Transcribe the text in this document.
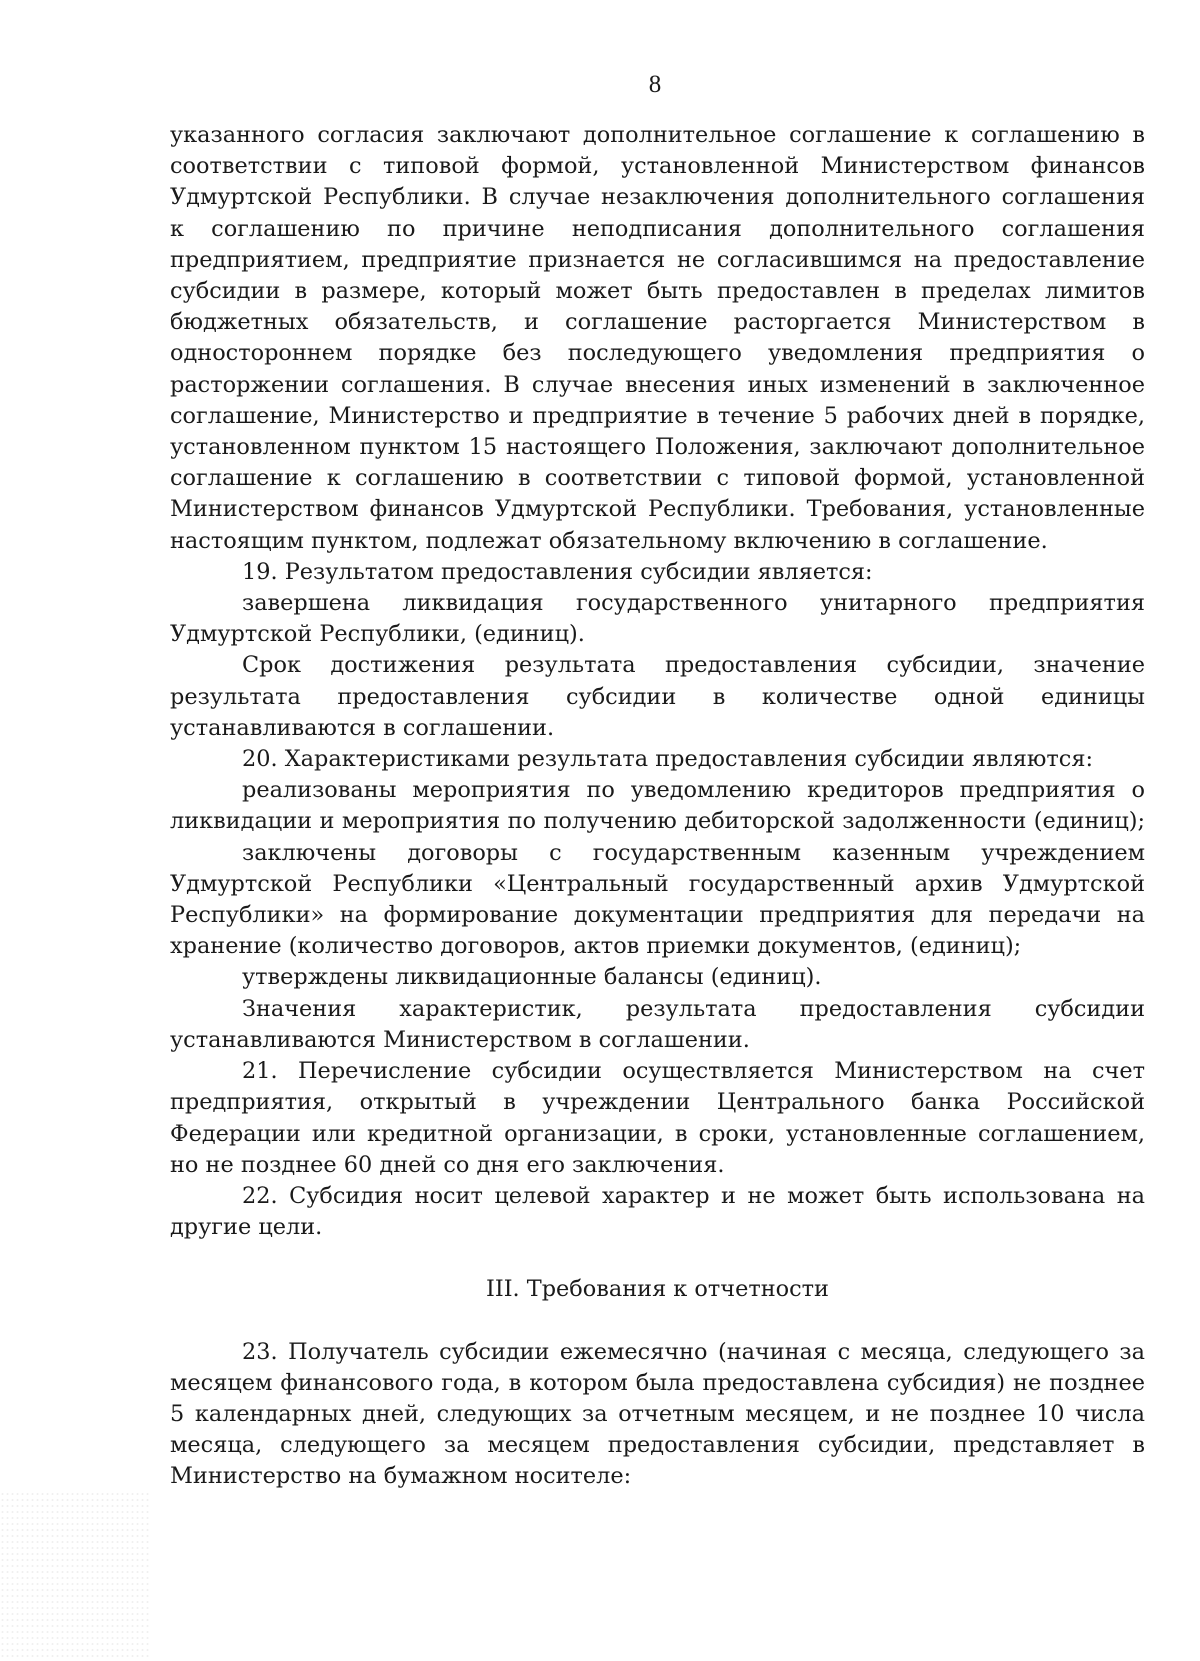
8
указанного согласия заключают дополнительное соглашение к соглашению в
соответствии с типовой формой, установленной Министерством финансов
Удмуртской Республики. В случае незаключения дополнительного соглашения
к соглашению по причине неподписания дополнительного соглашения
предприятием, предприятие признается не согласившимся на предоставление
субсидии в размере, который может быть предоставлен в пределах лимитов
бюджетных обязательств, и соглашение расторгается Министерством в
одностороннем порядке без последующего уведомления предприятия о
расторжении соглашения. В случае внесения иных изменений в заключенное
соглашение, Министерство и предприятие в течение 5 рабочих дней в порядке,
установленном пунктом 15 настоящего Положения, заключают дополнительное
соглашение к соглашению в соответствии с типовой формой, установленной
Министерством финансов Удмуртской Республики. Требования, установленные
настоящим пунктом, подлежат обязательному включению в соглашение.
19. Результатом предоставления субсидии является:
завершена ликвидация государственного унитарного предприятия
Удмуртской Республики, (единиц).
Срок достижения результата предоставления субсидии, значение
результата предоставления субсидии в количестве одной единицы
устанавливаются в соглашении.
20. Характеристиками результата предоставления субсидии являются:
реализованы мероприятия по уведомлению кредиторов предприятия о
ликвидации и мероприятия по получению дебиторской задолженности (единиц);
заключены договоры с государственным казенным учреждением
Удмуртской Республики «Центральный государственный архив Удмуртской
Республики» на формирование документации предприятия для передачи на
хранение (количество договоров, актов приемки документов, (единиц);
утверждены ликвидационные балансы (единиц).
Значения характеристик, результата предоставления субсидии
устанавливаются Министерством в соглашении.
21. Перечисление субсидии осуществляется Министерством на счет
предприятия, открытый в учреждении Центрального банка Российской
Федерации или кредитной организации, в сроки, установленные соглашением,
но не позднее 60 дней со дня его заключения.
22. Субсидия носит целевой характер и не может быть использована на
другие цели.
III. Требования к отчетности
23. Получатель субсидии ежемесячно (начиная с месяца, следующего за
месяцем финансового года, в котором была предоставлена субсидия) не позднее
5 календарных дней, следующих за отчетным месяцем, и не позднее 10 числа
месяца, следующего за месяцем предоставления субсидии, представляет в
Министерство на бумажном носителе:
